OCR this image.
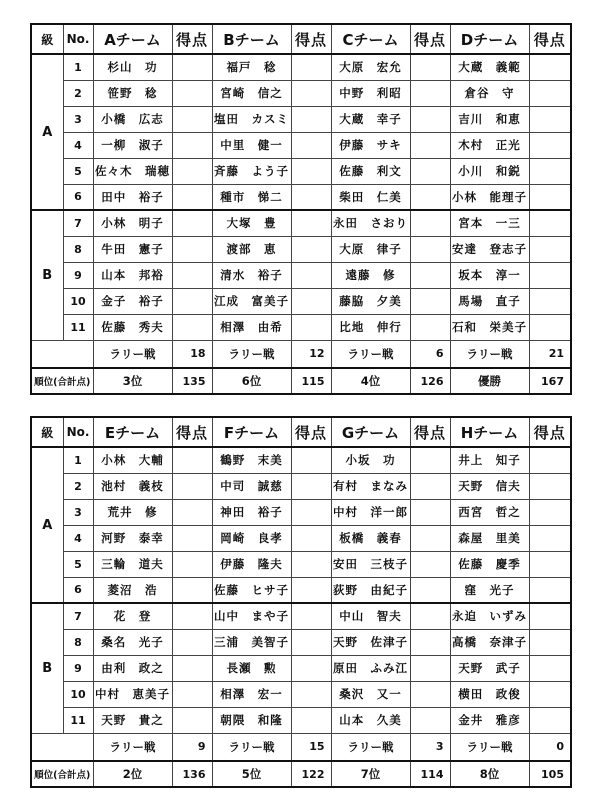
級	No.	Aチーム	得点	Bチーム	得点	Cチーム	得点	Dチーム	得点
A	1	杉山　功		福戸　稔		大原　宏允		大蔵　義範	
	2	笹野　稔		宮崎　信之		中野　利昭		倉谷　守	
	3	小橋　広志		塩田　カスミ		大蔵　幸子		吉川　和恵	
	4	一柳　淑子		中里　健一		伊藤　サキ		木村　正光	
	5	佐々木　瑞穂		斉藤　よう子		佐藤　利文		小川　和鋭	
	6	田中　裕子		種市　悌二		柴田　仁美		小林　能理子	
B	7	小林　明子		大塚　豊		永田　さおり		宮本　一三	
	8	牛田　憲子		渡部　恵		大原　律子		安達　登志子	
	9	山本　邦裕		清水　裕子		遠藤　修		坂本　淳一	
	10	金子　裕子		江成　富美子		藤脇　夕美		馬場　直子	
	11	佐藤　秀夫		相澤　由希		比地　伸行		石和　栄美子	
		ラリー戦	18	ラリー戦	12	ラリー戦	6	ラリー戦	21
順位(合計点)		3位	135	6位	115	4位	126	優勝	167
級	No.	Eチーム	得点	Fチーム	得点	Gチーム	得点	Hチーム	得点
A	1	小林　大輔		鶴野　末美		小坂　功		井上　知子	
	2	池村　義枝		中司　誠慈		有村　まなみ		天野　信夫	
	3	荒井　修		神田　裕子		中村　洋一郎		西宮　哲之	
	4	河野　泰幸		岡崎　良孝		板橋　義春		森屋　里美	
	5	三輪　道夫		伊藤　隆夫		安田　三枝子		佐藤　慶季	
	6	菱沼　浩		佐藤　ヒサ子		荻野　由紀子		窪　光子	
B	7	花　登		山中　まや子		中山　智夫		永迫　いずみ	
	8	桑名　光子		三浦　美智子		天野　佐津子		高橋　奈津子	
	9	由利　政之		長瀬　勲		原田　ふみ江		天野　武子	
	10	中村　恵美子		相澤　宏一		桑沢　又一		横田　政俊	
	11	天野　貴之		朝隈　和隆		山本　久美		金井　雅彦	
		ラリー戦	9	ラリー戦	15	ラリー戦	3	ラリー戦	0
順位(合計点)		2位	136	5位	122	7位	114	8位	105
